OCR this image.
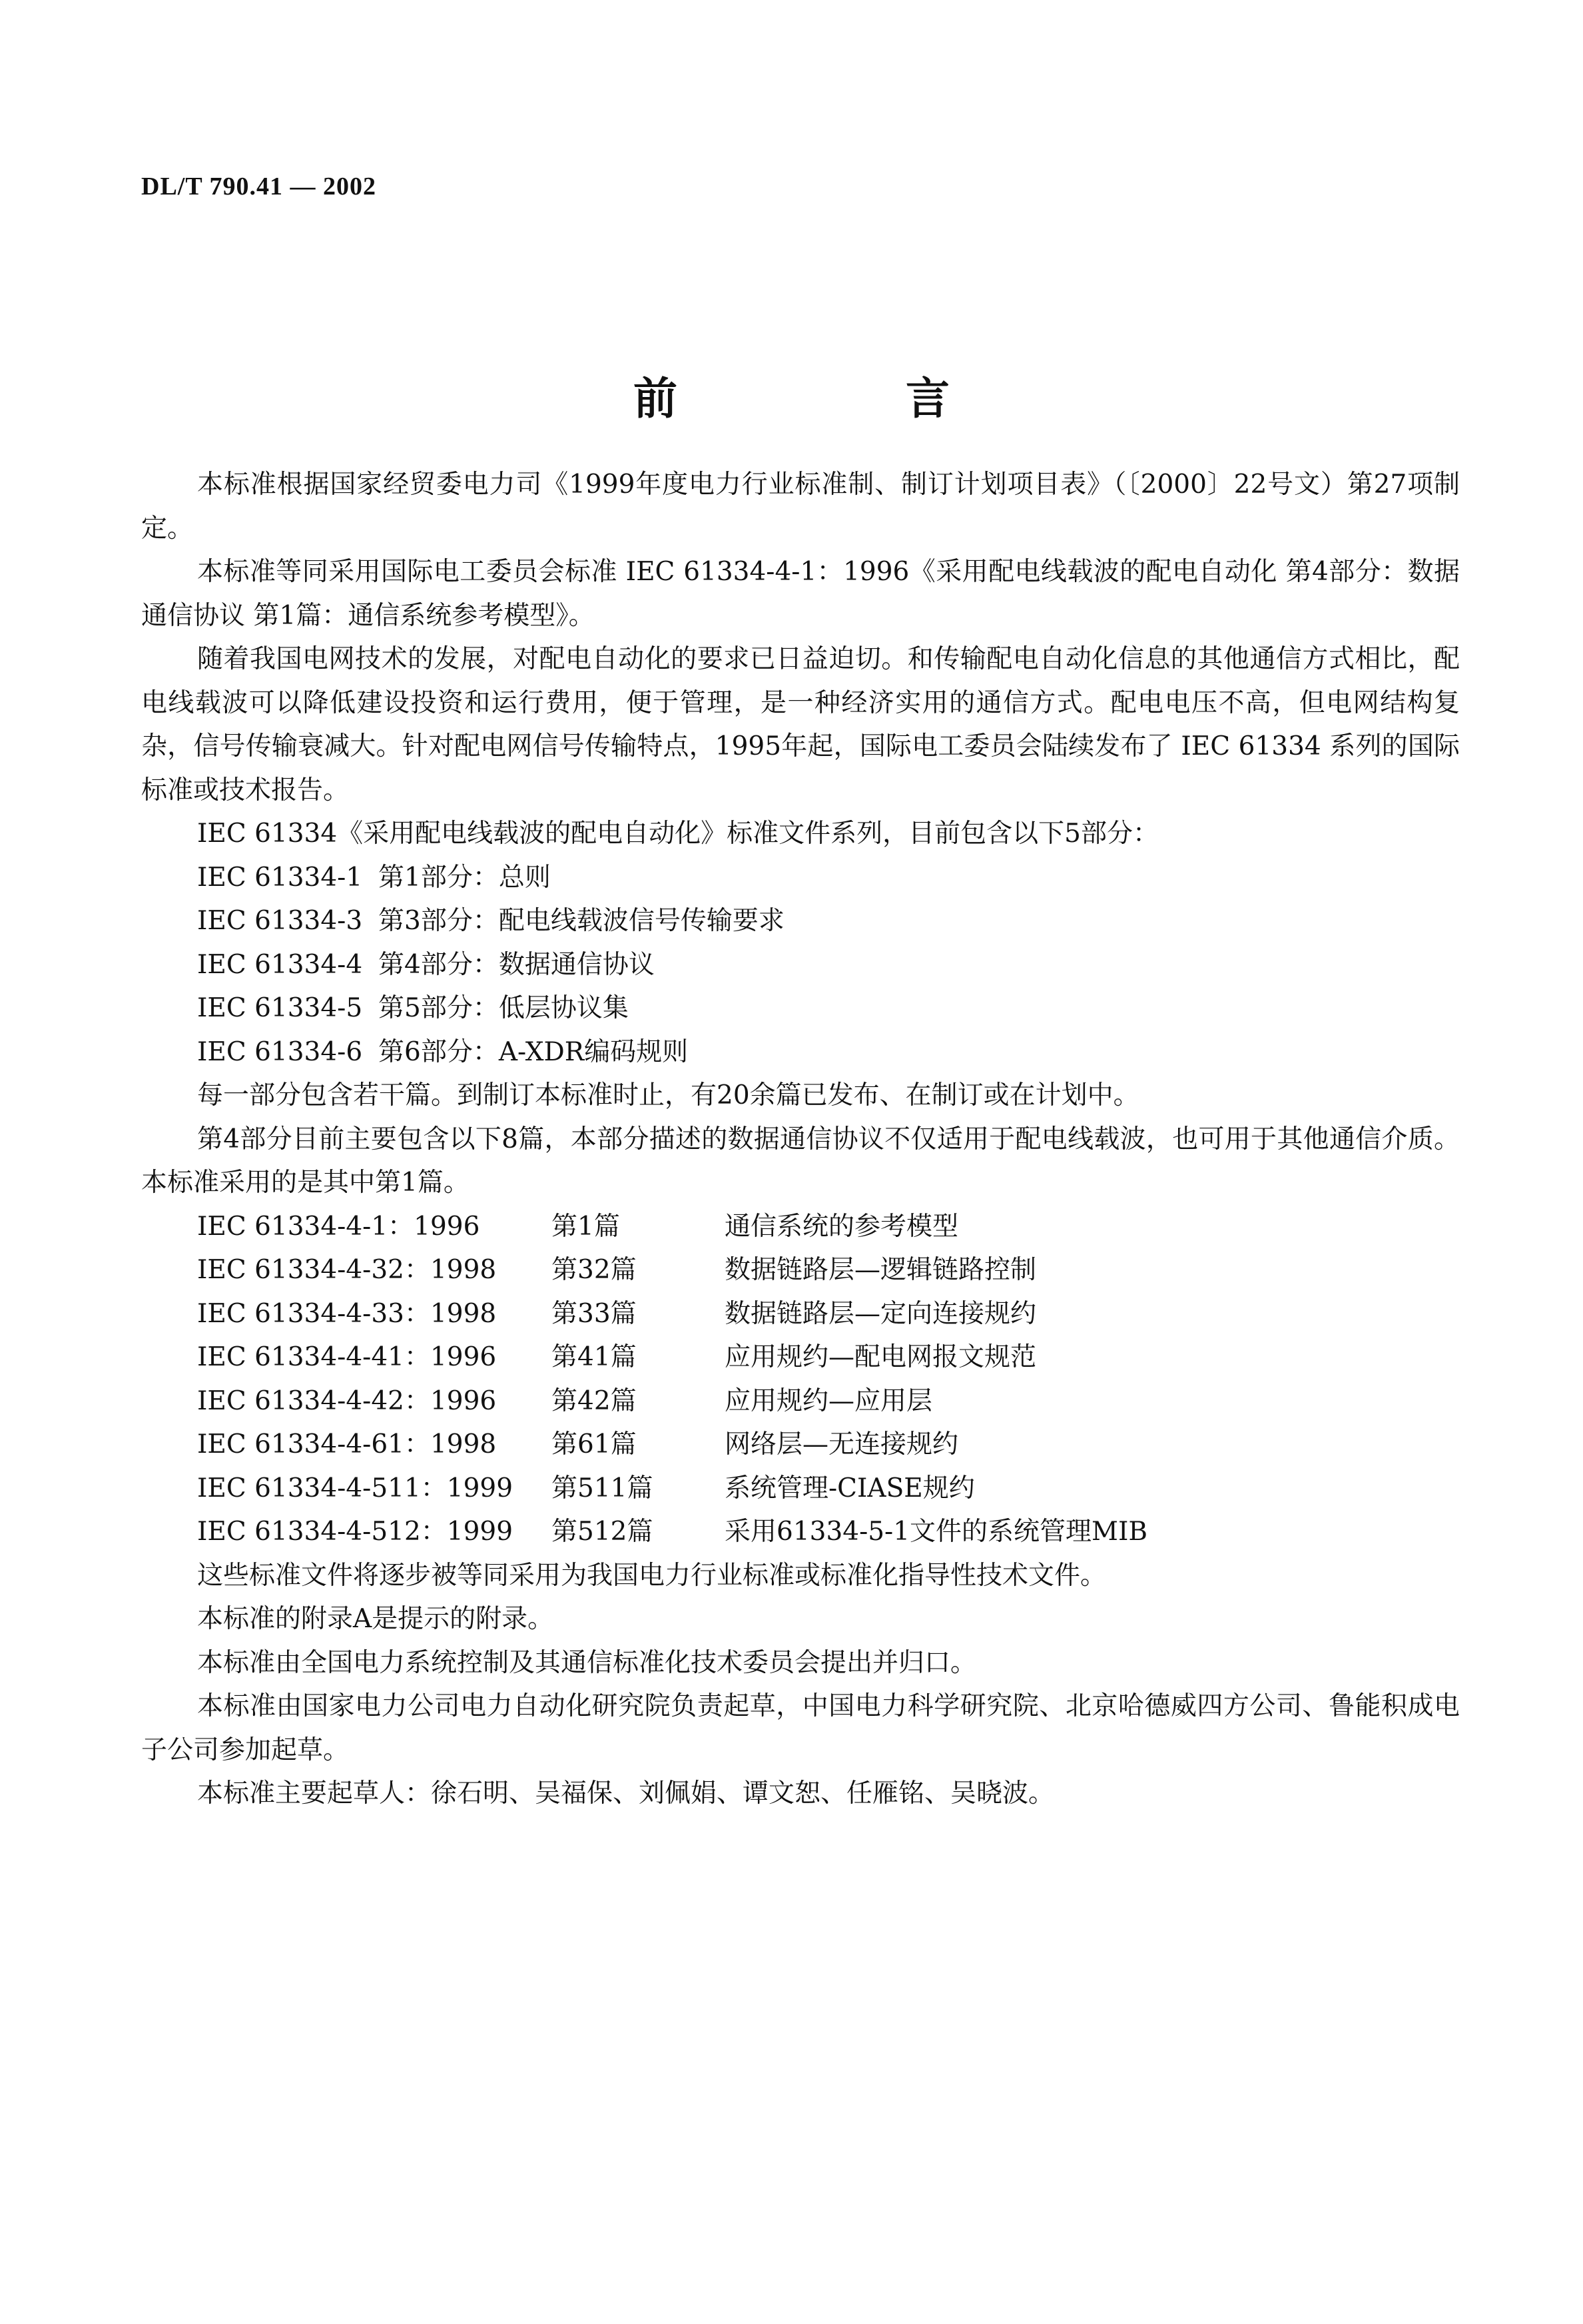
DL/T 790.41 — 2002
前 言

本标准根据国家经贸委电力司《1999年度电力行业标准制、制订计划项目表》（〔2000〕22号文）第27项制定。

本标准等同采用国际电工委员会标准 IEC 61334-4-1：1996《采用配电线载波的配电自动化 第4部分：数据通信协议 第1篇：通信系统参考模型》。

随着我国电网技术的发展，对配电自动化的要求已日益迫切。和传输配电自动化信息的其他通信方式相比，配电线载波可以降低建设投资和运行费用，便于管理，是一种经济实用的通信方式。配电电压不高，但电网结构复杂，信号传输衰减大。针对配电网信号传输特点，1995年起，国际电工委员会陆续发布了 IEC 61334 系列的国际标准或技术报告。

IEC 61334《采用配电线载波的配电自动化》标准文件系列，目前包含以下5部分：

IEC 61334-1 第1部分：总则

IEC 61334-3 第3部分：配电线载波信号传输要求

IEC 61334-4 第4部分：数据通信协议

IEC 61334-5 第5部分：低层协议集

IEC 61334-6 第6部分：A-XDR编码规则

每一部分包含若干篇。到制订本标准时止，有20余篇已发布、在制订或在计划中。

第4部分目前主要包含以下8篇，本部分描述的数据通信协议不仅适用于配电线载波，也可用于其他通信介质。本标准采用的是其中第1篇。

IEC 61334-4-1：1996	第1篇	通信系统的参考模型

IEC 61334-4-32：1998 第32篇	数据链路层—逻辑链路控制

IEC 61334-4-33：1998 第33篇	数据链路层—定向连接规约

IEC 61334-4-41：1996 第41篇	应用规约—配电网报文规范

IEC 61334-4-42：1996 第42篇	应用规约—应用层

IEC 61334-4-61：1998 第61篇	网络层—无连接规约

IEC 61334-4-511：1999 第511篇	系统管理-CIASE规约

IEC 61334-4-512：1999 第512篇	采用61334-5-1文件的系统管理MIB

这些标准文件将逐步被等同采用为我国电力行业标准或标准化指导性技术文件。

本标准的附录A是提示的附录。

本标准由全国电力系统控制及其通信标准化技术委员会提出并归口。

本标准由国家电力公司电力自动化研究院负责起草，中国电力科学研究院、北京哈德威四方公司、鲁能积成电子公司参加起草。

本标准主要起草人：徐石明、吴福保、刘佩娟、谭文恕、任雁铭、吴晓波。
